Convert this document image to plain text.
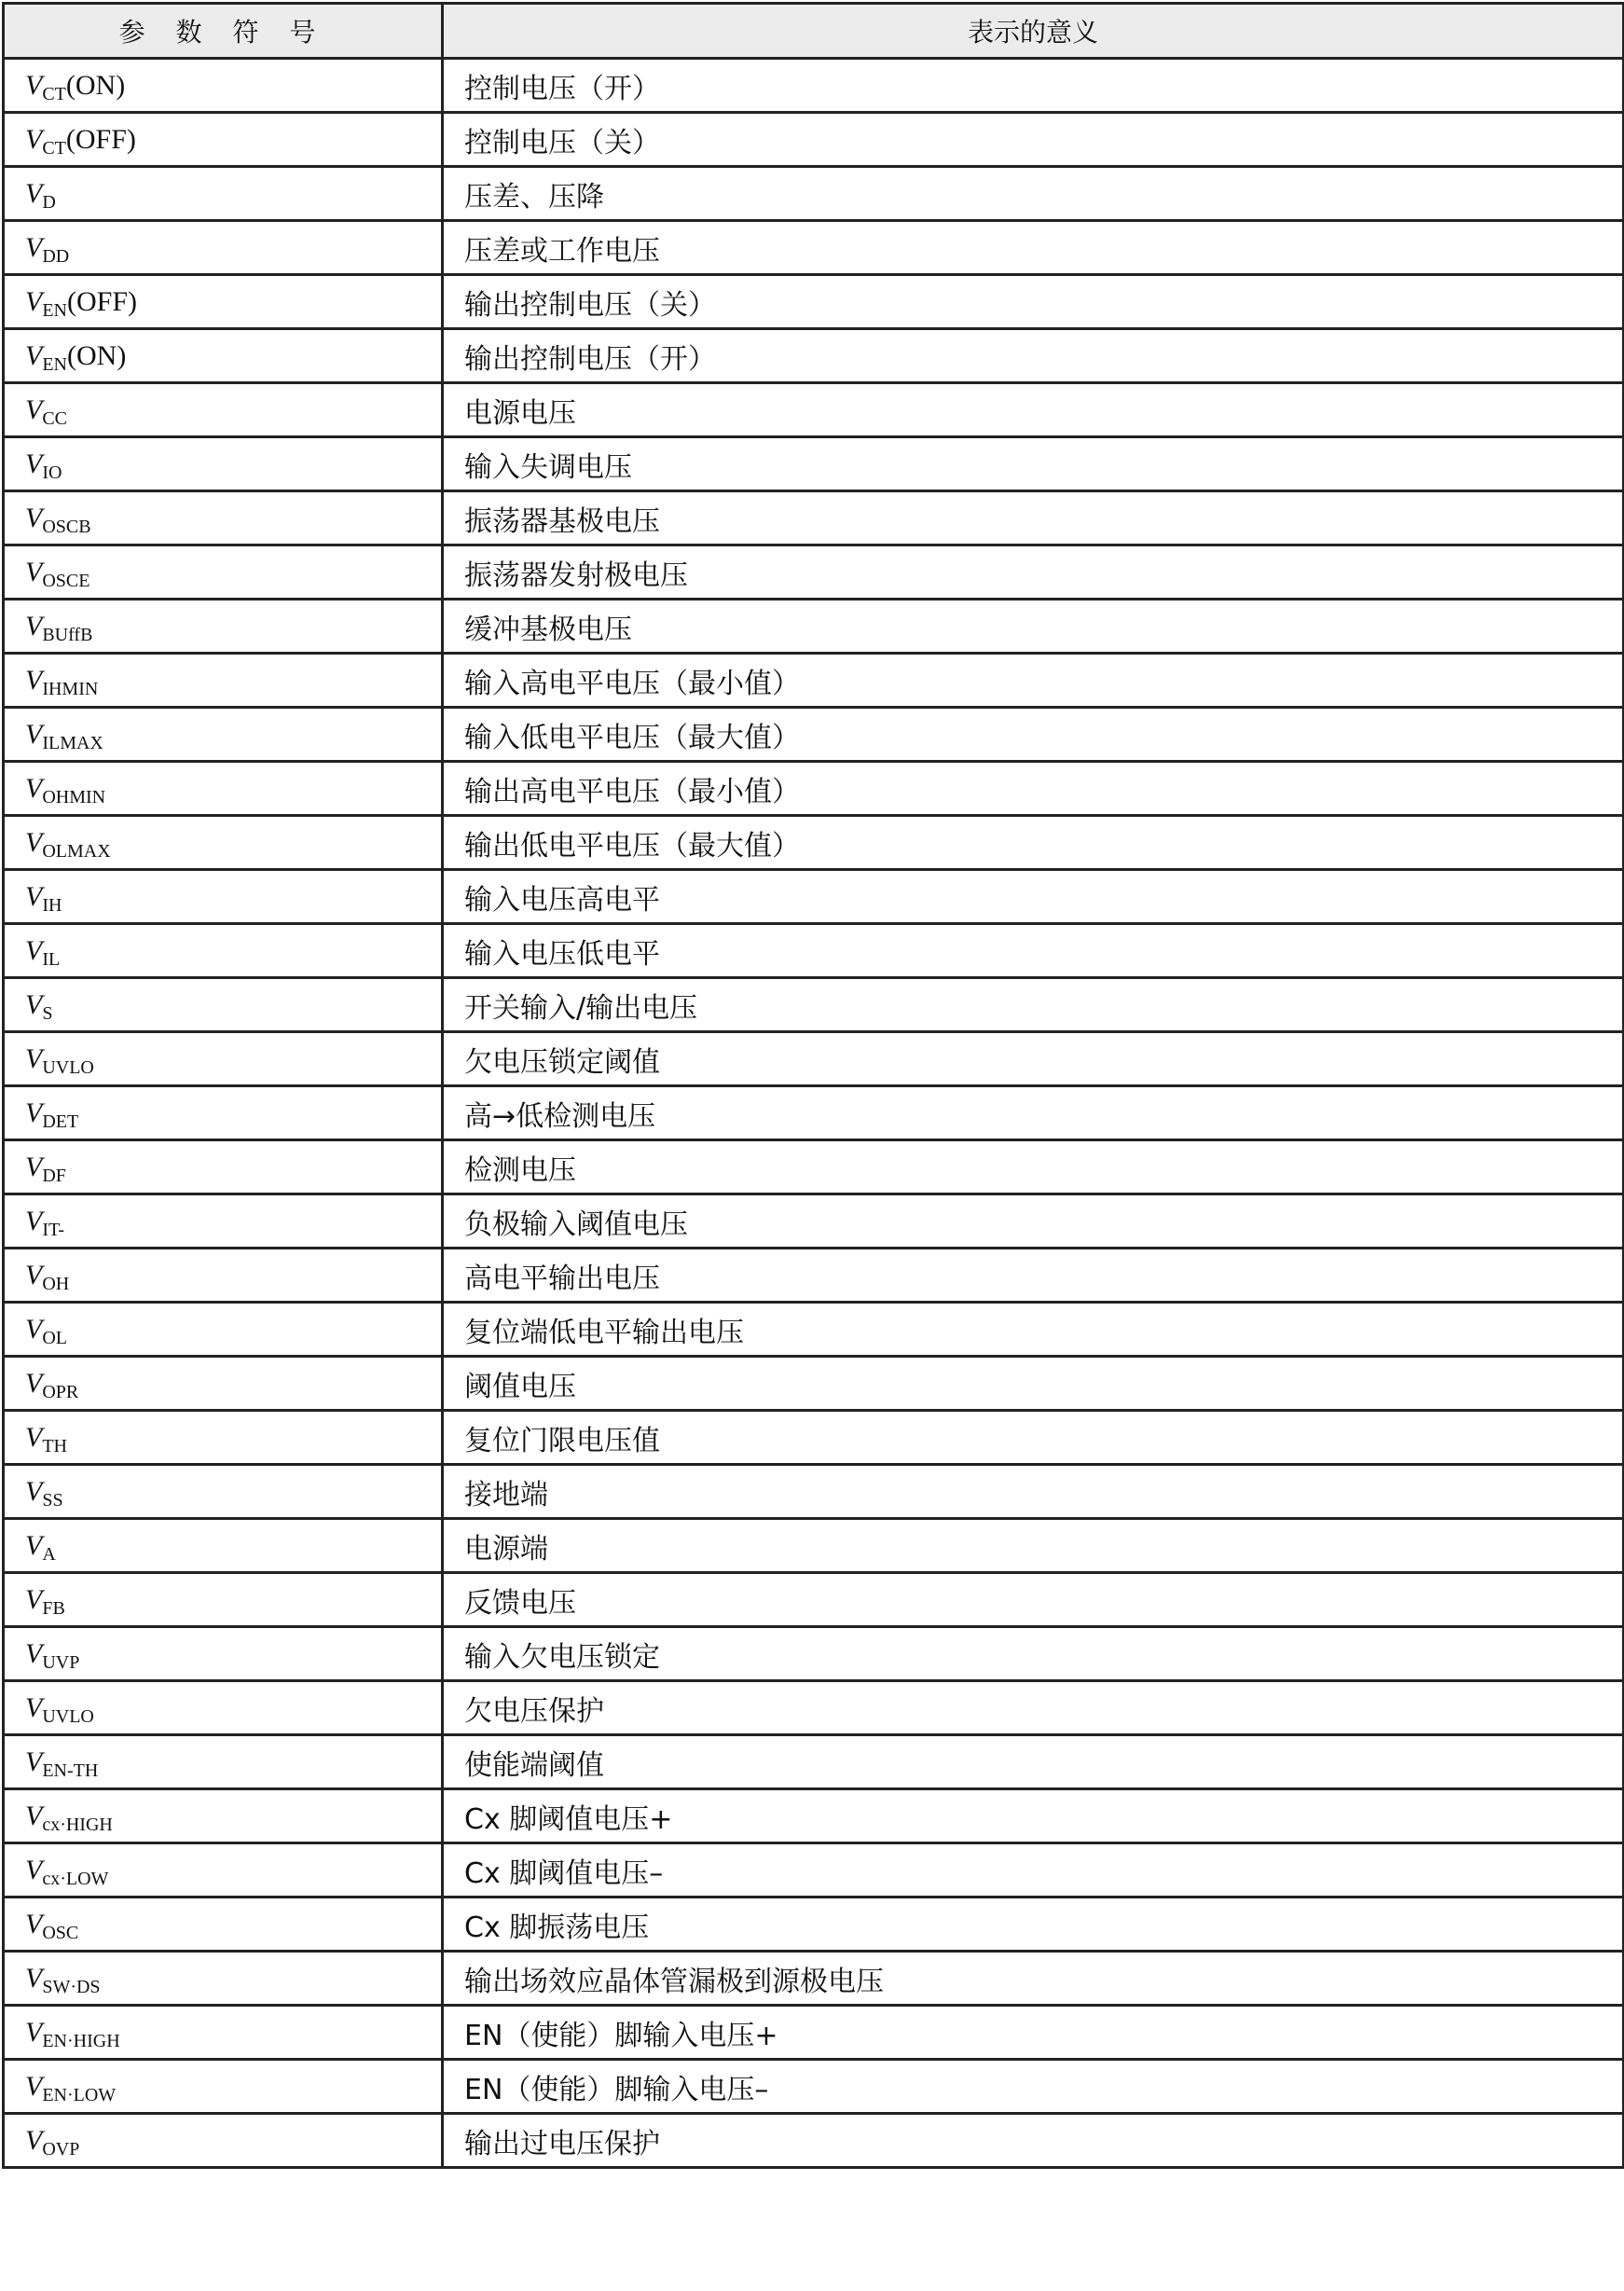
参 数 符 号	表示的意义
$V_{CT}(ON)$	控制电压（开）
$V_{CT}(OFF)$	控制电压（关）
$V_D$	压差、压降
$V_{DD}$	压差或工作电压
$V_{EN}(OFF)$	输出控制电压（关）
$V_{EN}(ON)$	输出控制电压（开）
$V_{CC}$	电源电压
$V_{IO}$	输入失调电压
$V_{OSCB}$	振荡器基极电压
$V_{OSCE}$	振荡器发射极电压
$V_{BUffB}$	缓冲基极电压
$V_{IHMIN}$	输入高电平电压（最小值）
$V_{ILMAX}$	输入低电平电压（最大值）
$V_{OHMIN}$	输出高电平电压（最小值）
$V_{OLMAX}$	输出低电平电压（最大值）
$V_{IH}$	输入电压高电平
$V_{IL}$	输入电压低电平
$V_S$	开关输入/输出电压
$V_{UVLO}$	欠电压锁定阈值
$V_{DET}$	高→低检测电压
$V_{DF}$	检测电压
$V_{IT-}$	负极输入阈值电压
$V_{OH}$	高电平输出电压
$V_{OL}$	复位端低电平输出电压
$V_{OPR}$	阈值电压
$V_{TH}$	复位门限电压值
$V_{SS}$	接地端
$V_A$	电源端
$V_{FB}$	反馈电压
$V_{UVP}$	输入欠电压锁定
$V_{UVLO}$	欠电压保护
$V_{EN-TH}$	使能端阈值
$V_{cx\cdot HIGH}$	Cx 脚阈值电压+
$V_{cx\cdot LOW}$	Cx 脚阈值电压–
$V_{OSC}$	Cx 脚振荡电压
$V_{SW\cdot DS}$	输出场效应晶体管漏极到源极电压
$V_{EN\cdot HIGH}$	EN（使能）脚输入电压+
$V_{EN\cdot LOW}$	EN（使能）脚输入电压–
$V_{OVP}$	输出过电压保护
